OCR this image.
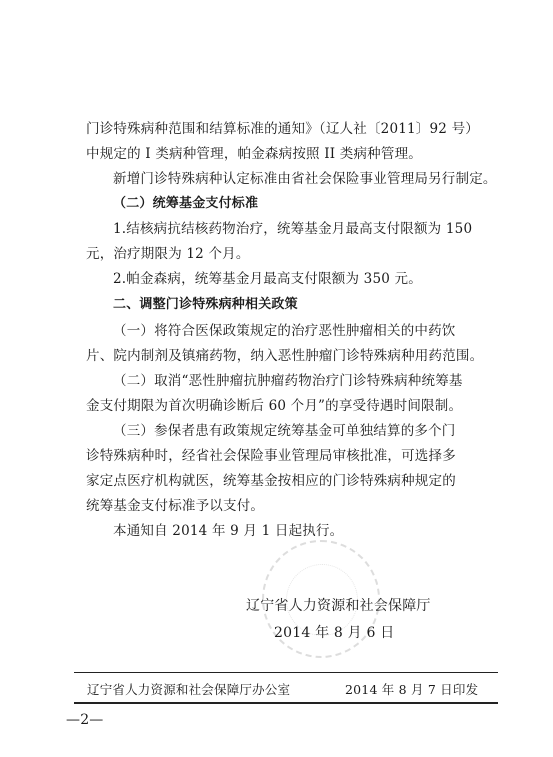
门诊特殊病种范围和结算标准的通知》（辽人社〔2011〕92 号）
中规定的 I 类病种管理，帕金森病按照 II 类病种管理。
新增门诊特殊病种认定标准由省社会保险事业管理局另行制定。
（二）统筹基金支付标准
1.结核病抗结核药物治疗，统筹基金月最高支付限额为 150
元，治疗期限为 12 个月。
2.帕金森病，统筹基金月最高支付限额为 350 元。
二、调整门诊特殊病种相关政策
（一）将符合医保政策规定的治疗恶性肿瘤相关的中药饮
片、院内制剂及镇痛药物，纳入恶性肿瘤门诊特殊病种用药范围。
（二）取消“恶性肿瘤抗肿瘤药物治疗门诊特殊病种统筹基
金支付期限为首次明确诊断后 60 个月”的享受待遇时间限制。
（三）参保者患有政策规定统筹基金可单独结算的多个门
诊特殊病种时，经省社会保险事业管理局审核批准，可选择多
家定点医疗机构就医，统筹基金按相应的门诊特殊病种规定的
统筹基金支付标准予以支付。
本通知自 2014 年 9 月 1 日起执行。
辽宁省人力资源和社会保障厅
2014 年 8 月 6 日
辽宁省人力资源和社会保障厅办公室	2014 年 8 月 7 日印发
—2—
